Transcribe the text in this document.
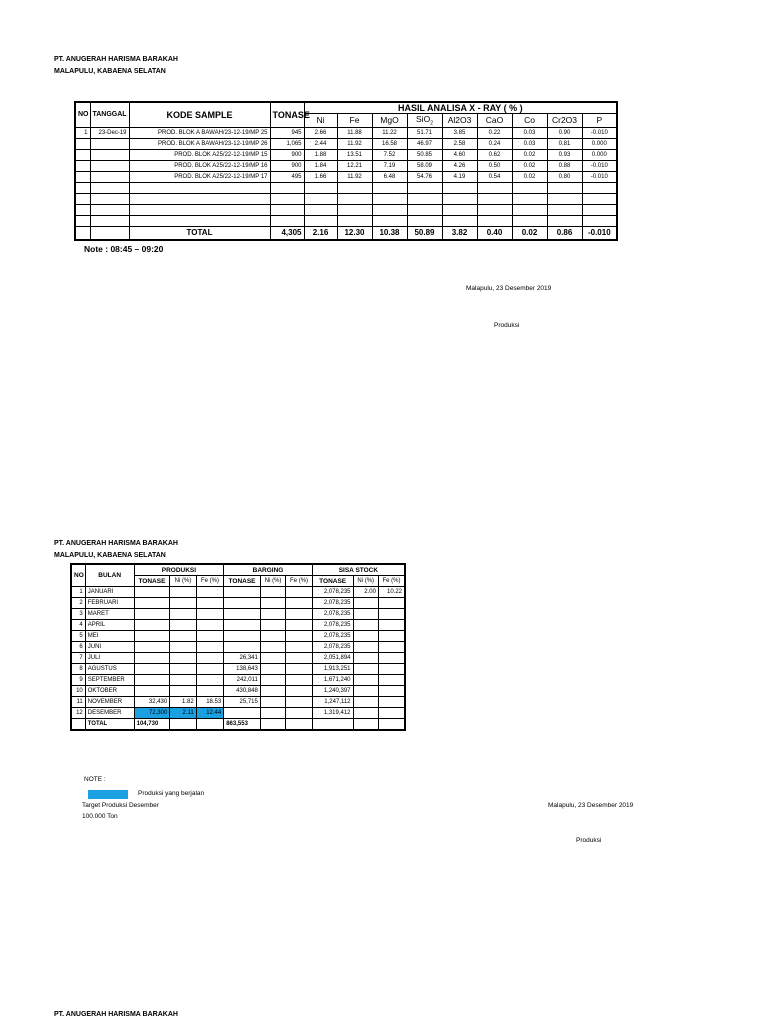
PT. ANUGERAH HARISMA BARAKAH
MALAPULU, KABAENA SELATAN
NO	TANGGAL	KODE SAMPLE	TONASE	HASIL ANALISA X - RAY ( % )								
				Ni	Fe	MgO	SiO$_2$	Al2O3	CaO	Co	Cr2O3	P
1	23-Dec-19	PROD. BLOK A BAWAH/23-12-19/MP 25	945	2.66	11.88	11.22	51.71	3.85	0.22	0.03	0.90	-0.010
		PROD. BLOK A BAWAH/23-12-19/MP 26	1,065	2.44	11.92	16.58	46.97	2.58	0.24	0.03	0.81	0.000
		PROD. BLOK A25/22-12-19/MP 15	900	1.88	13.51	7.52	50.85	4.60	0.62	0.02	0.93	0.000
		PROD. BLOK A25/22-12-19/MP 16	900	1.84	12.21	7.19	58.09	4.26	0.50	0.02	0.88	-0.010
		PROD. BLOK A25/22-12-19/MP 17	495	1.66	11.92	6.48	54.76	4.19	0.54	0.02	0.80	-0.010

		TOTAL	4,305	2.16	12.30	10.38	50.89	3.82	0.40	0.02	0.86	-0.010
Note : 08:45 – 09:20
Malapulu, 23 Desember 2019
Produksi
PT. ANUGERAH HARISMA BARAKAH
MALAPULU, KABAENA SELATAN
NO	BULAN	PRODUKSI			BARGING			SISA STOCK		
		TONASE	Ni (%)	Fe (%)	TONASE	Ni (%)	Fe (%)	TONASE	Ni (%)	Fe (%)
1	JANUARI							2,078,235	2.00	10.22
2	FEBRUARI							2,078,235		
3	MARET							2,078,235		
4	APRIL							2,078,235		
5	MEI							2,078,235		
6	JUNI							2,078,235		
7	JULI				26,341			2,051,894		
8	AGUSTUS				138,643			1,913,251		
9	SEPTEMBER				242,011			1,671,240		
10	OKTOBER				430,848			1,240,397		
11	NOVEMBER	32,430	1.82	18.53	25,715			1,247,112		
12	DESEMBER	72,300	2.11	12.44				1,319,412		
	TOTAL	104,730			863,553					
NOTE :
Produksi yang berjalan
Target Produksi Desember
100.000 Ton
Malapulu, 23 Desember 2019
Produksi
PT. ANUGERAH HARISMA BARAKAH
